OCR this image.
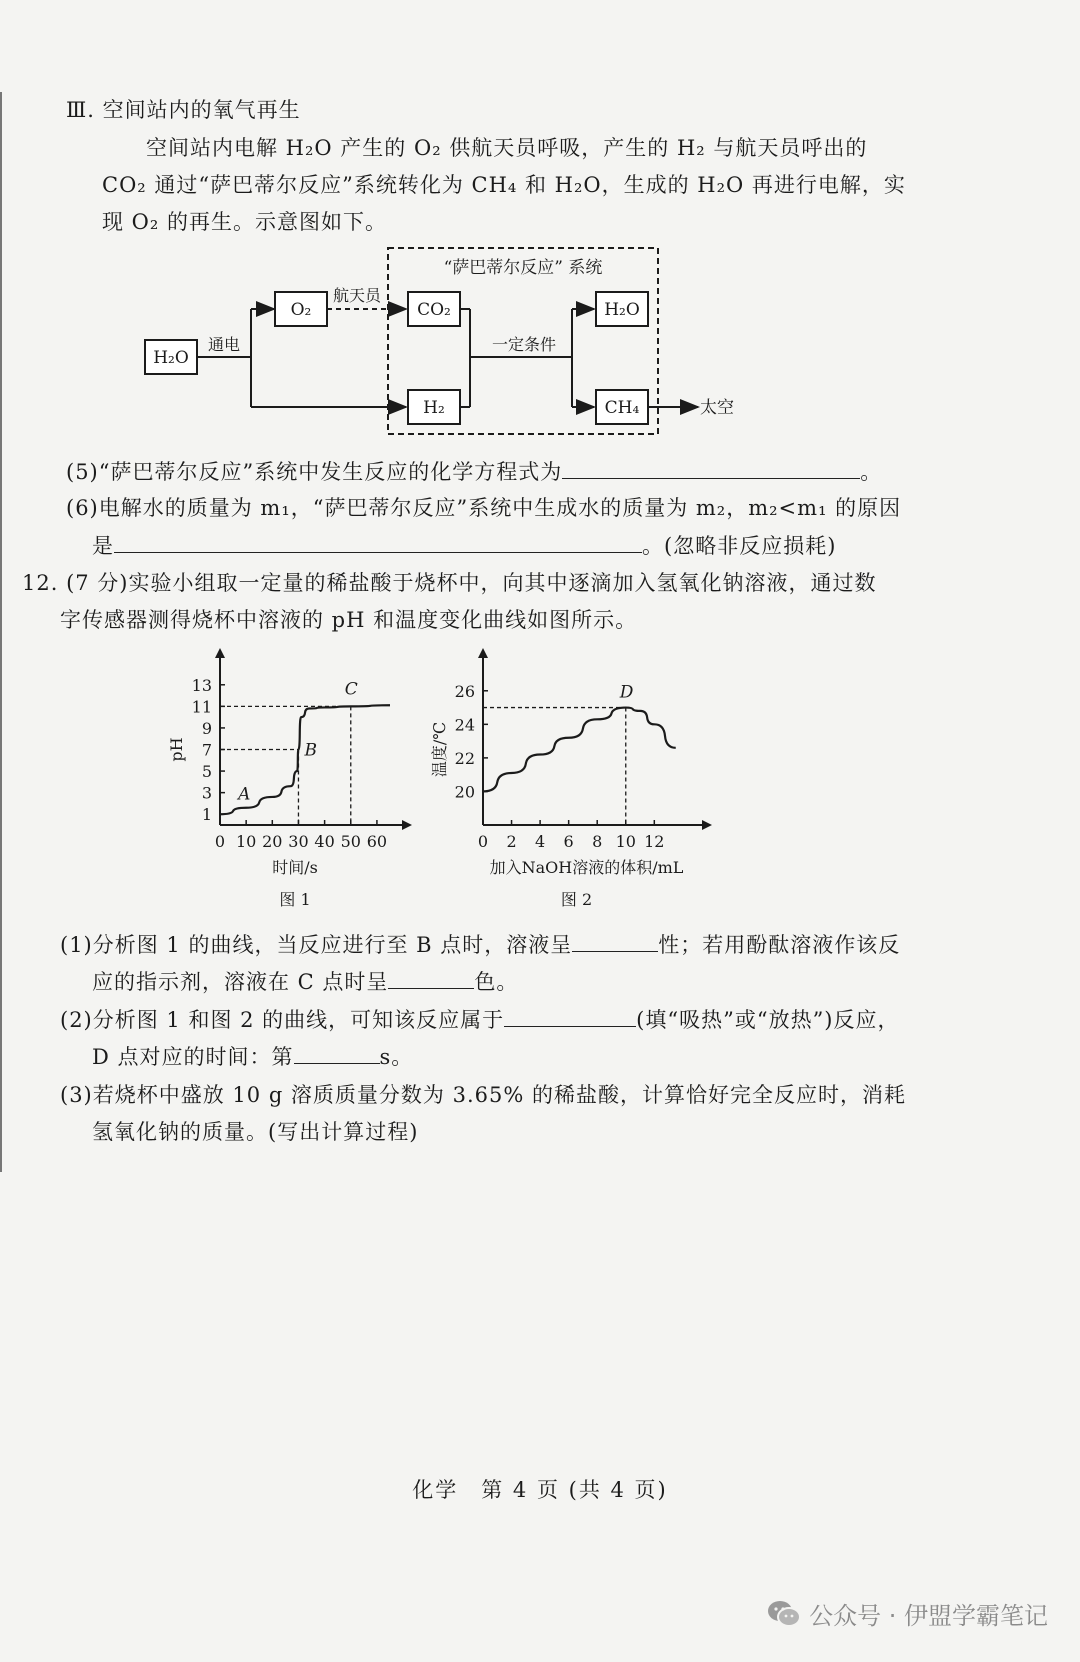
Ⅲ. 空间站内的氧气再生
空间站内电解 H₂O 产生的 O₂ 供航天员呼吸，产生的 H₂ 与航天员呼出的
CO₂ 通过“萨巴蒂尔反应”系统转化为 CH₄ 和 H₂O，生成的 H₂O 再进行电解，实
现 O₂ 的再生。示意图如下。
“萨巴蒂尔反应” 系统
H₂O
通电
O₂
航天员
CO₂
H₂
一定条件
H₂O
CH₄	太空
(5)“萨巴蒂尔反应”系统中发生反应的化学方程式为	。
(6)电解水的质量为 m₁，“萨巴蒂尔反应”系统中生成水的质量为 m₂，m₂<m₁ 的原因
是	。(忽略非反应损耗)
12. (7 分)实验小组取一定量的稀盐酸于烧杯中，向其中逐滴加入氢氧化钠溶液，通过数
字传感器测得烧杯中溶液的 pH 和温度变化曲线如图所示。
0 10 20 30 40 50 60
1
3
5
7
9
11
13
时间/s
pH
图 1
A
B
C
0 2 4 6 8 10 12
20
22
24
26
加入NaOH溶液的体积/mL
温度/℃
图 2
D
(1)分析图 1 的曲线，当反应进行至 B 点时，溶液呈	性；若用酚酞溶液作该反
应的指示剂，溶液在 C 点时呈	色。
(2)分析图 1 和图 2 的曲线，可知该反应属于	(填“吸热”或“放热”)反应，
D 点对应的时间：第	s。
(3)若烧杯中盛放 10 g 溶质质量分数为 3.65% 的稀盐酸，计算恰好完全反应时，消耗
氢氧化钠的质量。(写出计算过程)
化学　第 4 页 (共 4 页)
公众号 · 伊盟学霸笔记
